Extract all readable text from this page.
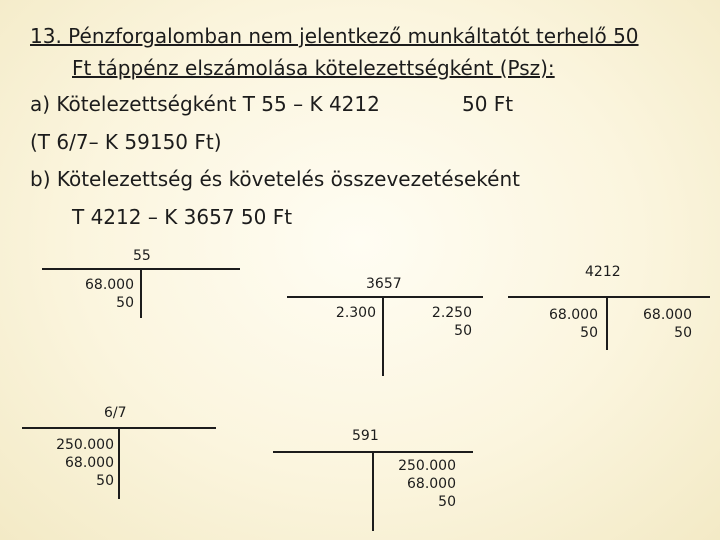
13. Pénzforgalomban nem jelentkező munkáltatót terhelő 50
Ft táppénz elszámolása kötelezettségként (Psz):
a) Kötelezettségként T 55 – K 4212	50 Ft
(T 6/7– K 59150 Ft)
b) Kötelezettség és követelés összevezetéseként
T 4212 – K 3657 50 Ft
55
68.000
50
3657
2.300	2.250
50
4212
68.000
50
68.000
50
6/7
250.000
68.000
50
591
250.000
68.000
50
